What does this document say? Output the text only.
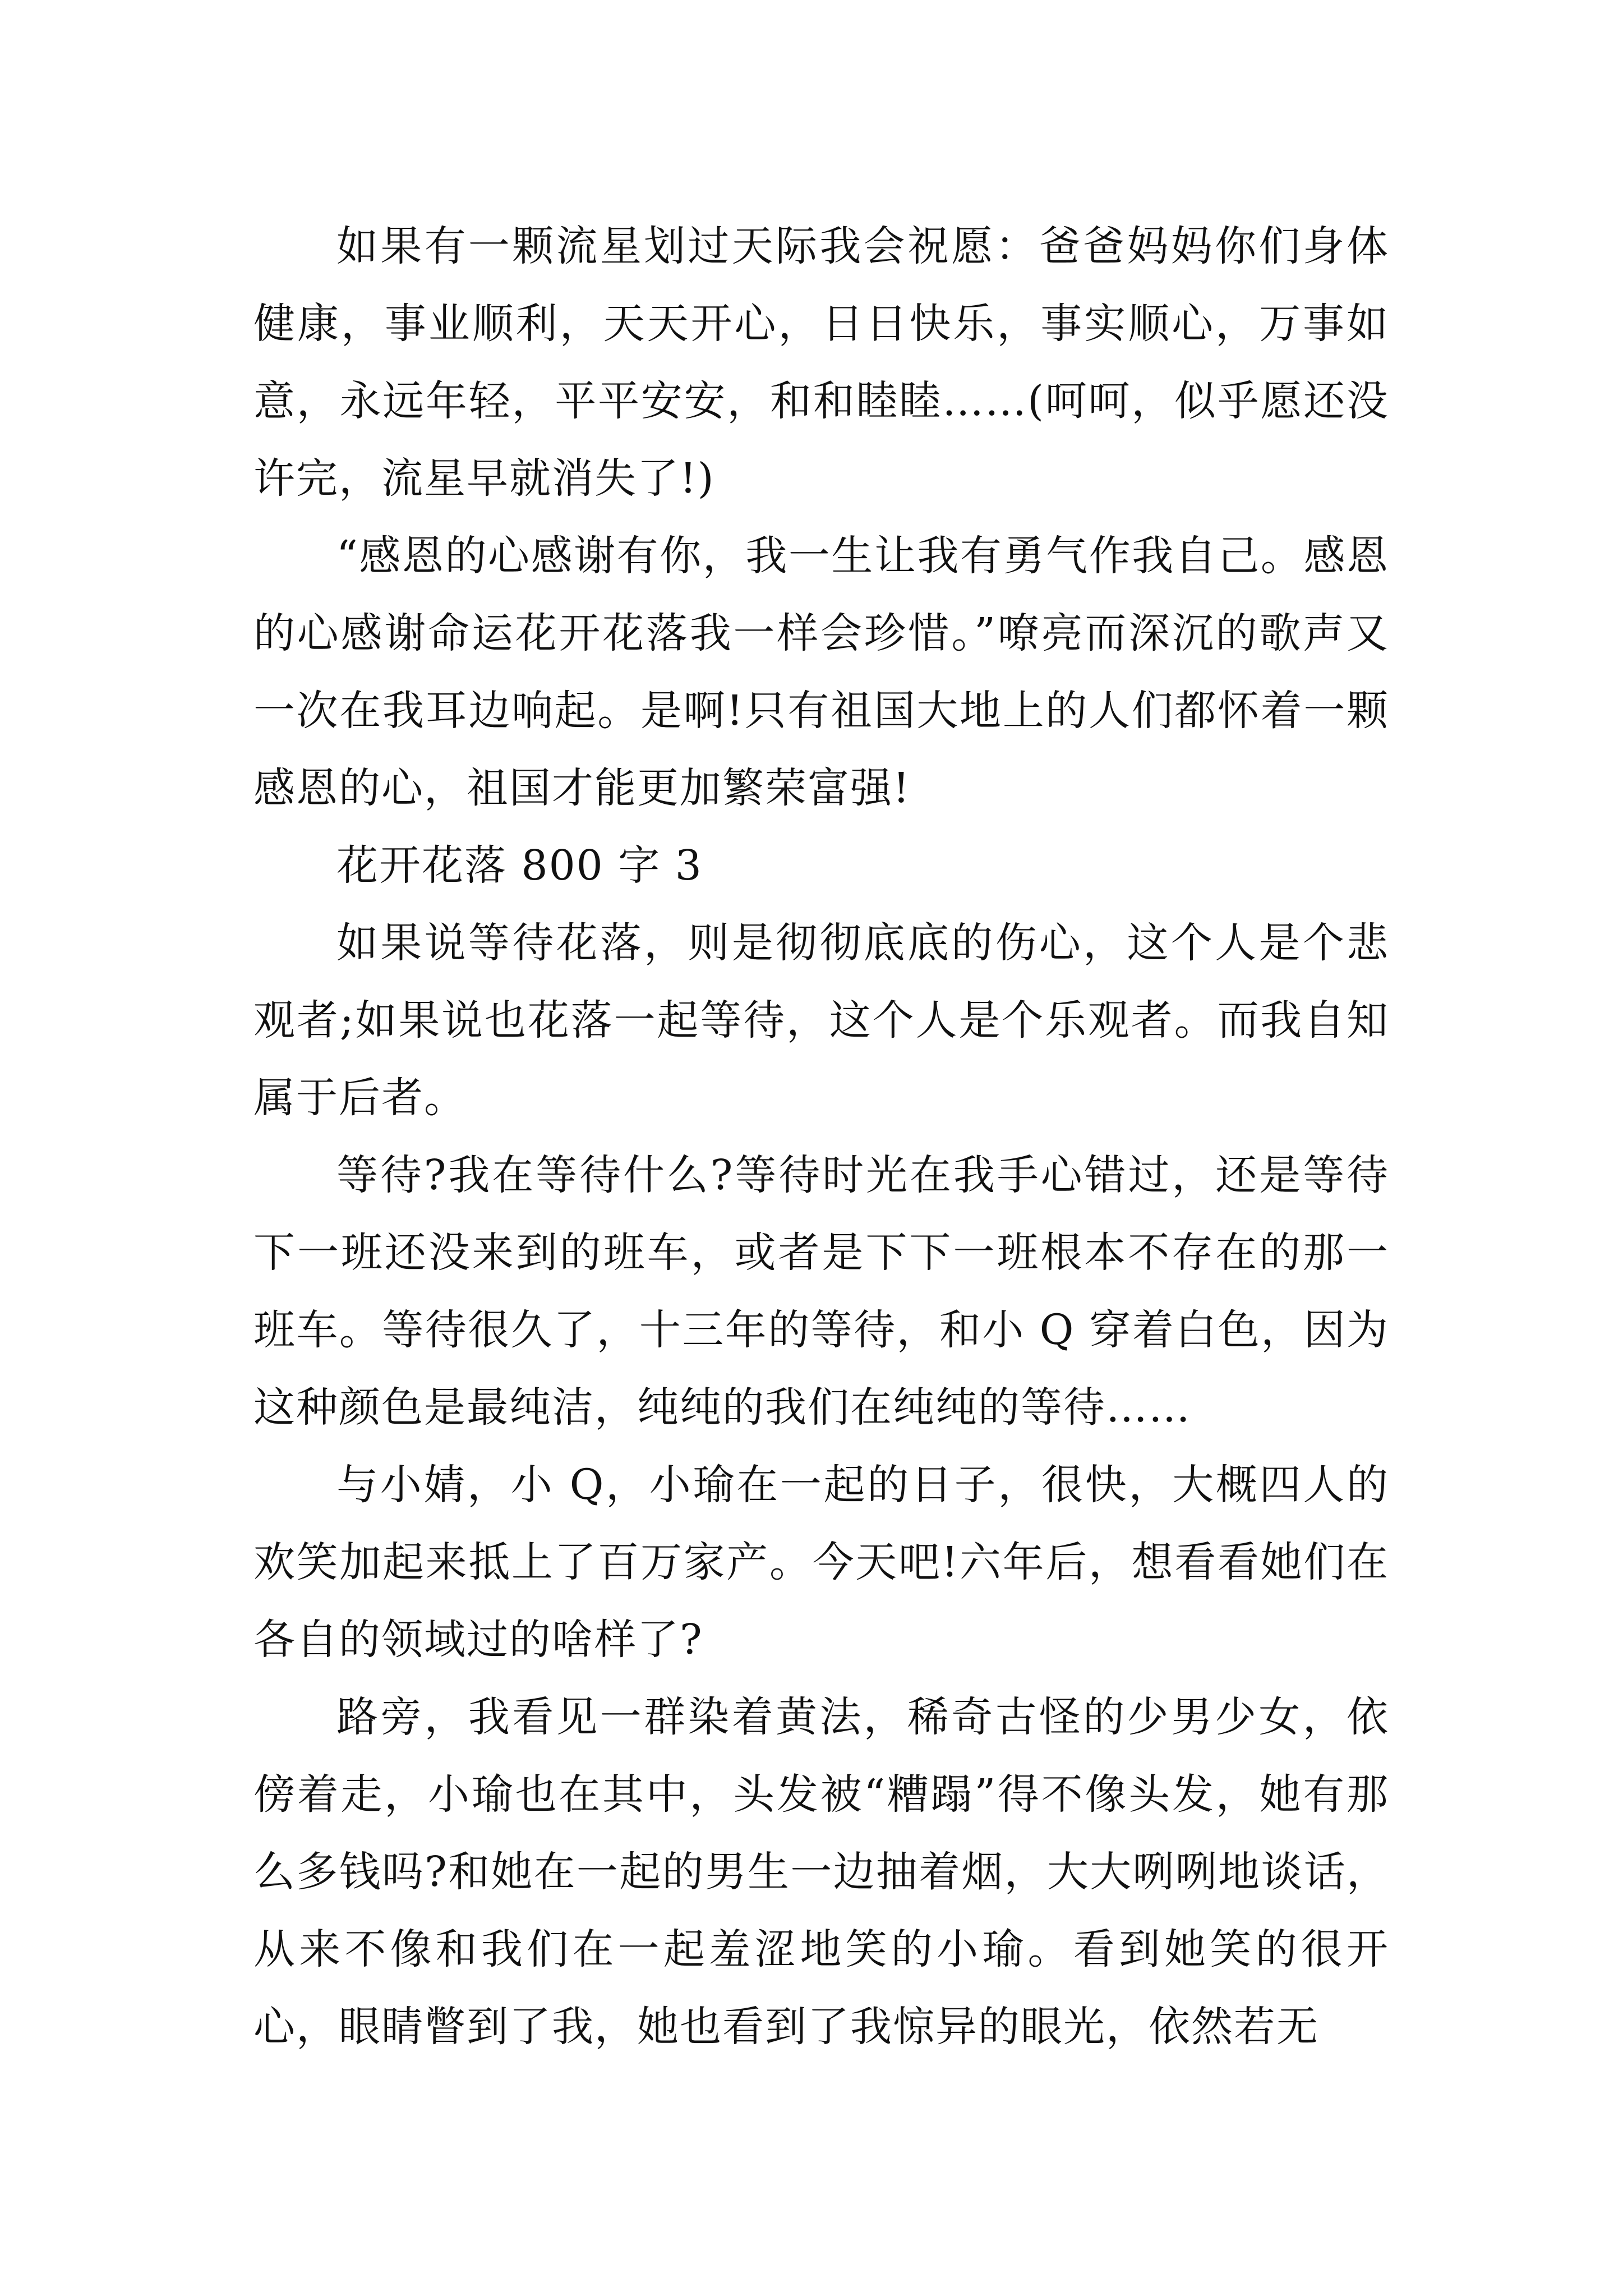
如果有一颗流星划过天际我会祝愿：爸爸妈妈你们身体健康，事业顺利，天天开心，日日快乐，事实顺心，万事如意，永远年轻，平平安安，和和睦睦……(呵呵，似乎愿还没许完，流星早就消失了!)

“感恩的心感谢有你，我一生让我有勇气作我自己。感恩的心感谢命运花开花落我一样会珍惜。”嘹亮而深沉的歌声又一次在我耳边响起。是啊!只有祖国大地上的人们都怀着一颗感恩的心，祖国才能更加繁荣富强!

花开花落 800 字 3

如果说等待花落，则是彻彻底底的伤心，这个人是个悲观者;如果说也花落一起等待，这个人是个乐观者。而我自知属于后者。

等待?我在等待什么?等待时光在我手心错过，还是等待下一班还没来到的班车，或者是下下一班根本不存在的那一班车。等待很久了，十三年的等待，和小 Q 穿着白色，因为这种颜色是最纯洁，纯纯的我们在纯纯的等待……

与小婧，小 Q，小瑜在一起的日子，很快，大概四人的欢笑加起来抵上了百万家产。今天吧!六年后，想看看她们在各自的领域过的啥样了?

路旁，我看见一群染着黄法，稀奇古怪的少男少女，依傍着走，小瑜也在其中，头发被“糟蹋”得不像头发，她有那么多钱吗?和她在一起的男生一边抽着烟，大大咧咧地谈话，从来不像和我们在一起羞涩地笑的小瑜。看到她笑的很开心，眼睛瞥到了我，她也看到了我惊异的眼光，依然若无
